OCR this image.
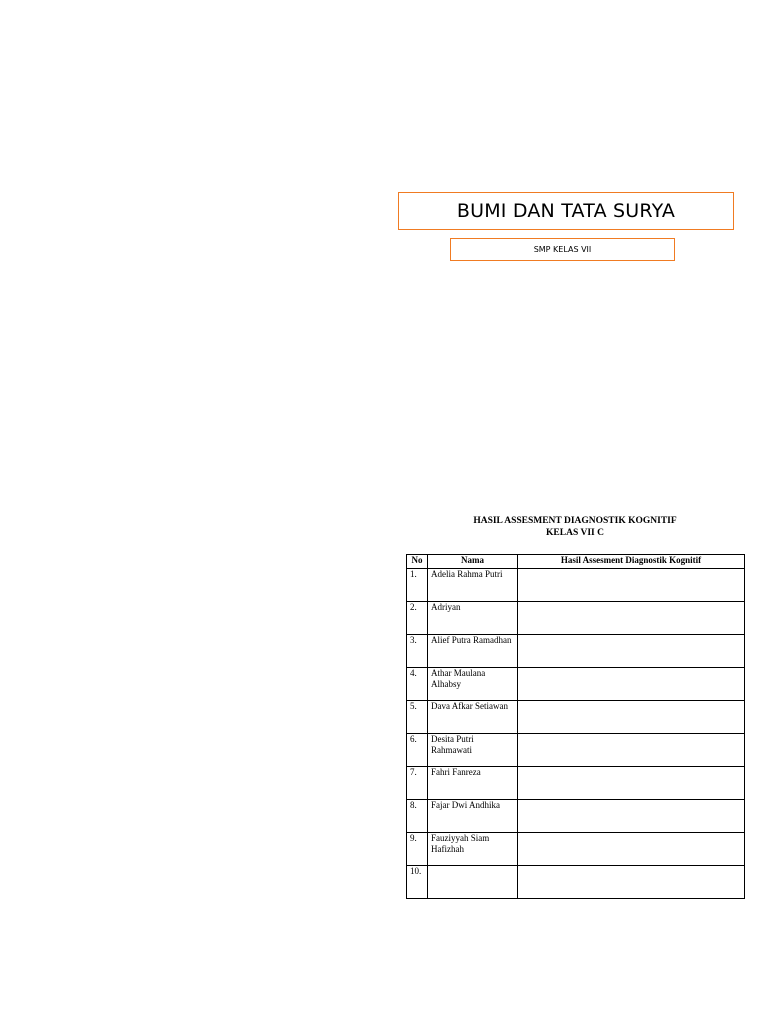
BUMI DAN TATA SURYA
SMP KELAS VII
HASIL ASSESMENT DIAGNOSTIK KOGNITIF
KELAS VII C
No	Nama	Hasil Assesment Diagnostik Kognitif
1.	Adelia Rahma Putri	
2.	Adriyan	
3.	Alief Putra Ramadhan	
4.	Athar Maulana Alhabsy	
5.	Dava Afkar Setiawan	
6.	Desita Putri Rahmawati	
7.	Fahri Fanreza	
8.	Fajar Dwi Andhika	
9.	Fauziyyah Siam Hafizhah	
10.		
